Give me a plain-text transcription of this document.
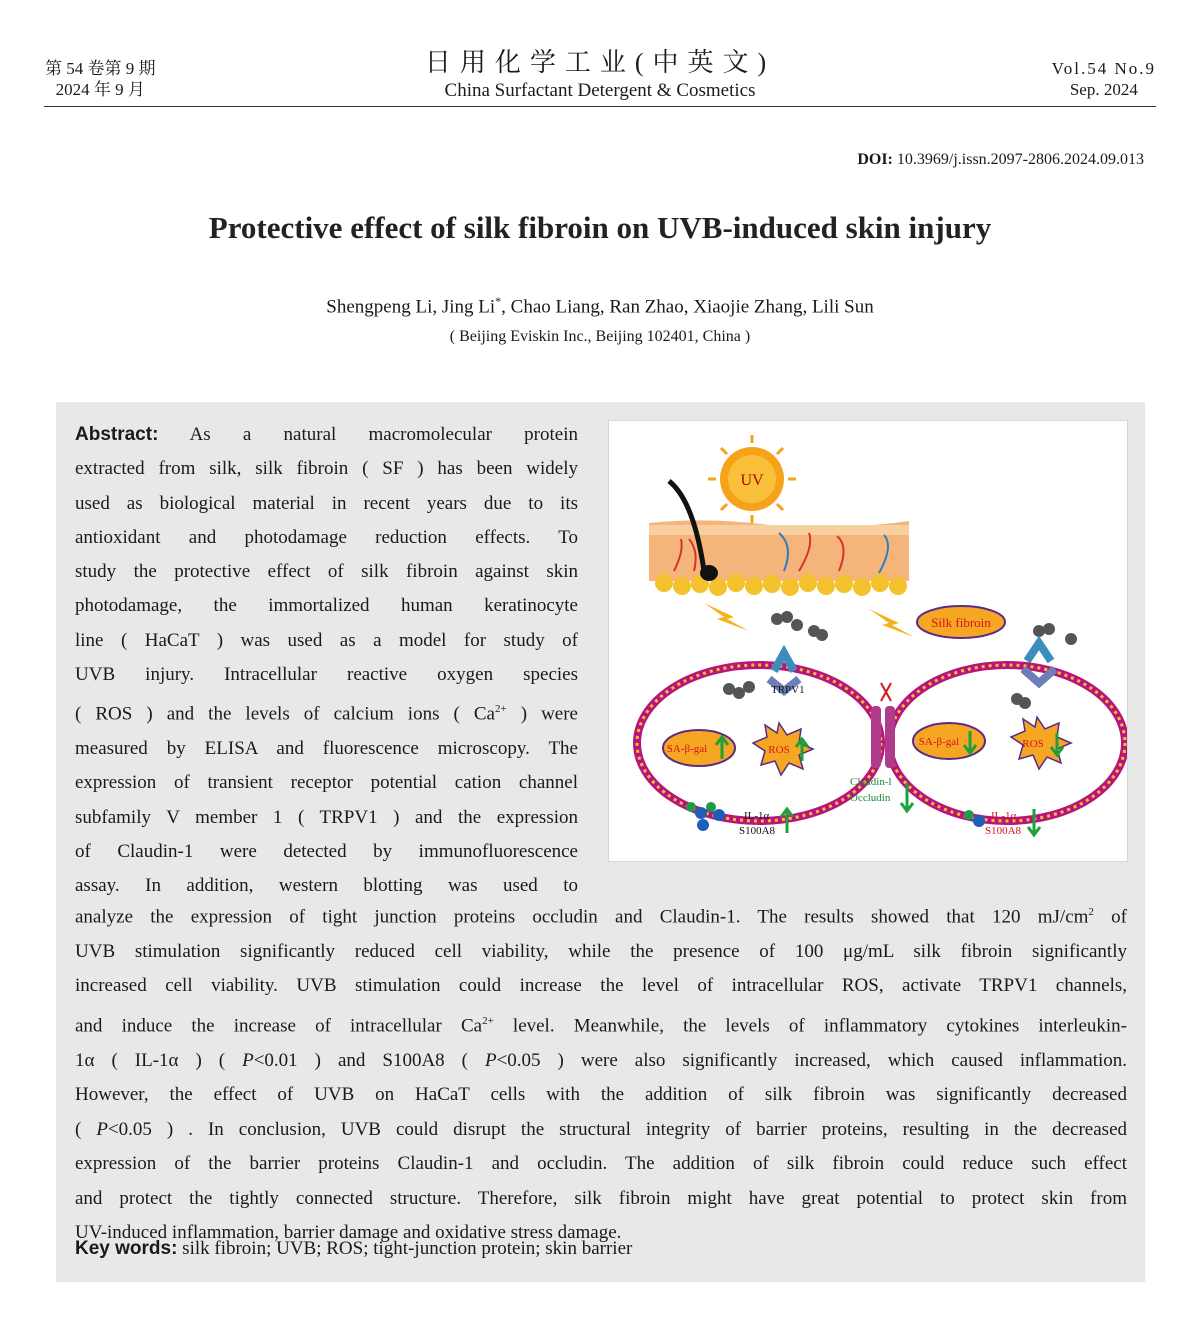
第 54 卷第 9 期
2024 年 9 月
日用化学工业(中英文)
China Surfactant Detergent & Cosmetics
Vol.54 No.9
Sep. 2024
DOI: 10.3969/j.issn.2097-2806.2024.09.013
Protective effect of silk fibroin on UVB-induced skin injury
Shengpeng Li, Jing Li*, Chao Liang, Ran Zhao, Xiaojie Zhang, Lili Sun
( Beijing Eviskin Inc., Beijing 102401, China )

Abstract: As a natural macromolecular protein

extracted from silk, silk fibroin ( SF ) has been widely

used as biological material in recent years due to its

antioxidant and photodamage reduction effects. To

study the protective effect of silk fibroin against skin

photodamage, the immortalized human keratinocyte

line ( HaCaT ) was used as a model for study of

UVB injury. Intracellular reactive oxygen species

( ROS ) and the levels of calcium ions ( $Ca^{2+}$ ) were

measured by ELISA and fluorescence microscopy. The

expression of transient receptor potential cation channel

subfamily V member 1 ( TRPV1 ) and the expression

of Claudin-1 were detected by immunofluorescence

assay. In addition, western blotting was used to

UV
Silk fibroin
TRPV1
SA-β-gal	ROS
SA-β-gal	ROS
Claudin-l
Occludin
IL-1α
S100A8
IL-1α
S100A8

analyze the expression of tight junction proteins occludin and Claudin-1. The results showed that 120 $mJ/cm^2$ of

UVB stimulation significantly reduced cell viability, while the presence of 100 μg/mL silk fibroin significantly

increased cell viability. UVB stimulation could increase the level of intracellular ROS, activate TRPV1 channels,

and induce the increase of intracellular $Ca^{2+}$ level. Meanwhile, the levels of inflammatory cytokines interleukin-

1α ( IL-1α ) ( P<0.01 ) and S100A8 ( P<0.05 ) were also significantly increased, which caused inflammation.

However, the effect of UVB on HaCaT cells with the addition of silk fibroin was significantly decreased

( P<0.05 ) . In conclusion, UVB could disrupt the structural integrity of barrier proteins, resulting in the decreased

expression of the barrier proteins Claudin-1 and occludin. The addition of silk fibroin could reduce such effect

and protect the tightly connected structure. Therefore, silk fibroin might have great potential to protect skin from

UV-induced inflammation, barrier damage and oxidative stress damage.

Key words: silk fibroin; UVB; ROS; tight-junction protein; skin barrier
